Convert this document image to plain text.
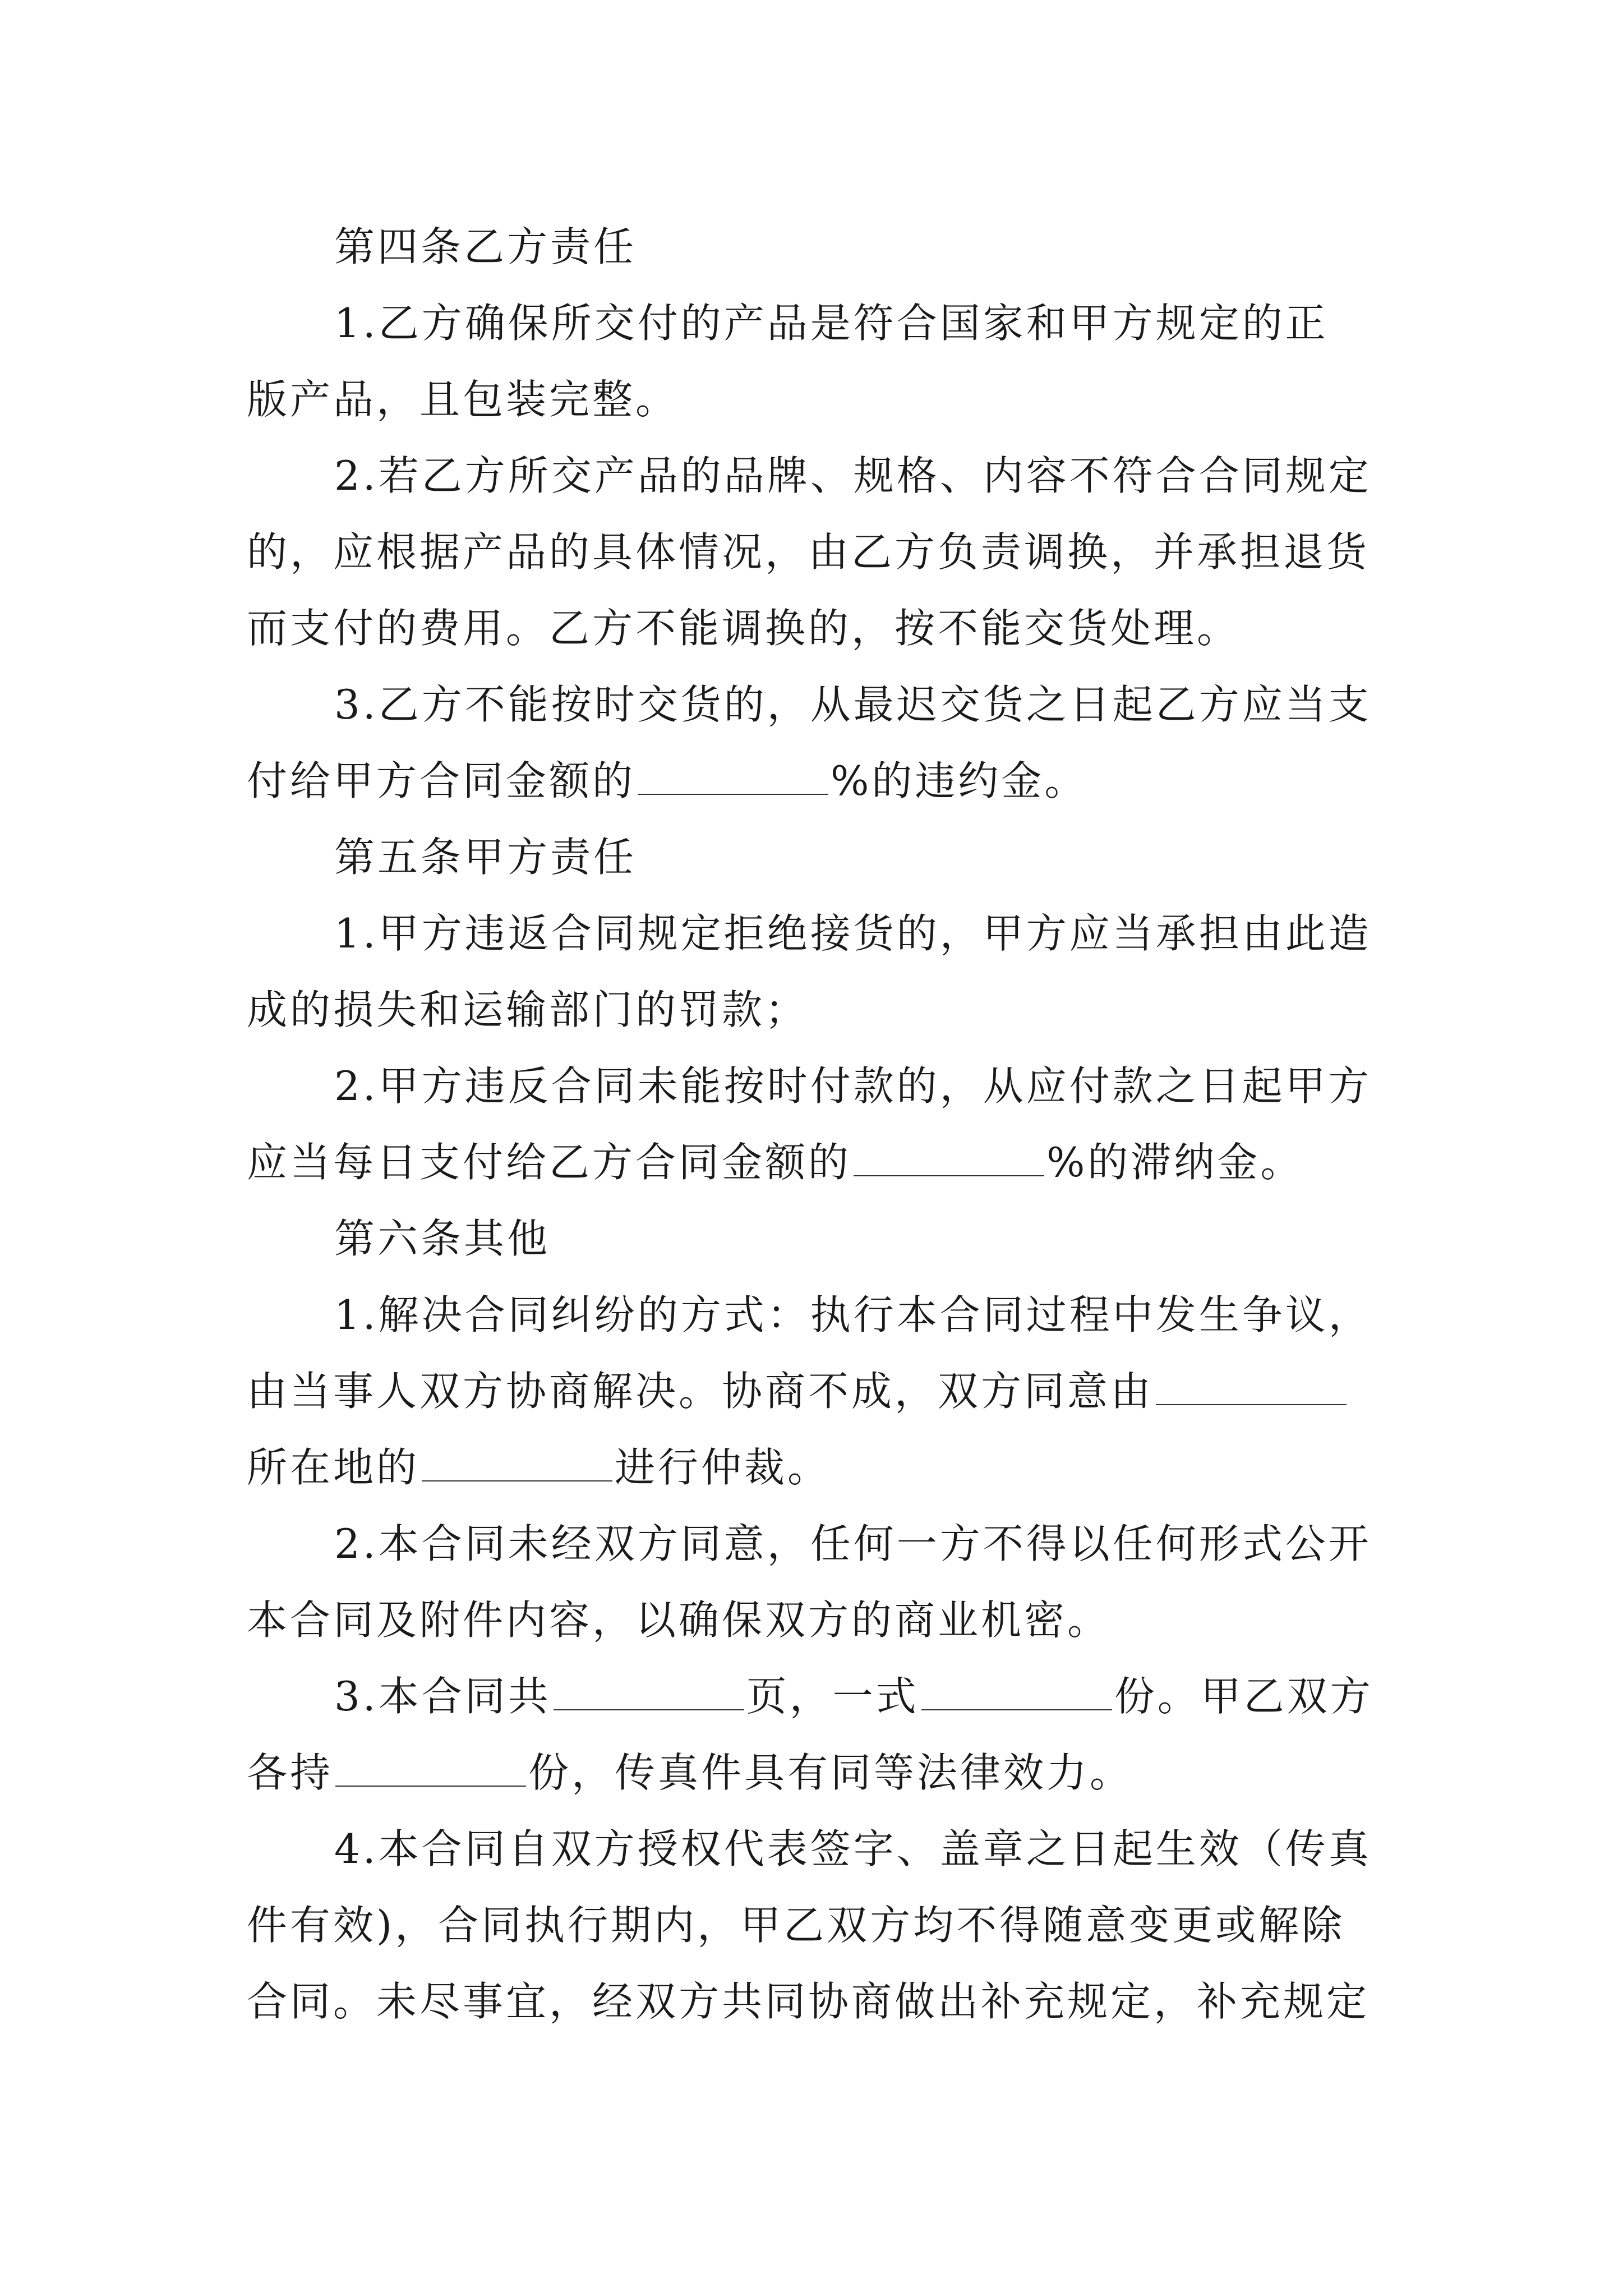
第四条乙方责任
1.乙方确保所交付的产品是符合国家和甲方规定的正
版产品，且包装完整。
2.若乙方所交产品的品牌、规格、内容不符合合同规定
的，应根据产品的具体情况，由乙方负责调换，并承担退货
而支付的费用。乙方不能调换的，按不能交货处理。
3.乙方不能按时交货的，从最迟交货之日起乙方应当支
付给甲方合同金额的	%的违约金。
第五条甲方责任
1.甲方违返合同规定拒绝接货的，甲方应当承担由此造
成的损失和运输部门的罚款；
2.甲方违反合同未能按时付款的，从应付款之日起甲方
应当每日支付给乙方合同金额的	%的滞纳金。
第六条其他
1.解决合同纠纷的方式：执行本合同过程中发生争议，
由当事人双方协商解决。协商不成，双方同意由
所在地的	进行仲裁。
2.本合同未经双方同意，任何一方不得以任何形式公开
本合同及附件内容，以确保双方的商业机密。
3.本合同共	页，一式	份。甲乙双方
各持	份，传真件具有同等法律效力。
4.本合同自双方授权代表签字、盖章之日起生效（传真
件有效)，合同执行期内，甲乙双方均不得随意变更或解除
合同。未尽事宜，经双方共同协商做出补充规定，补充规定
